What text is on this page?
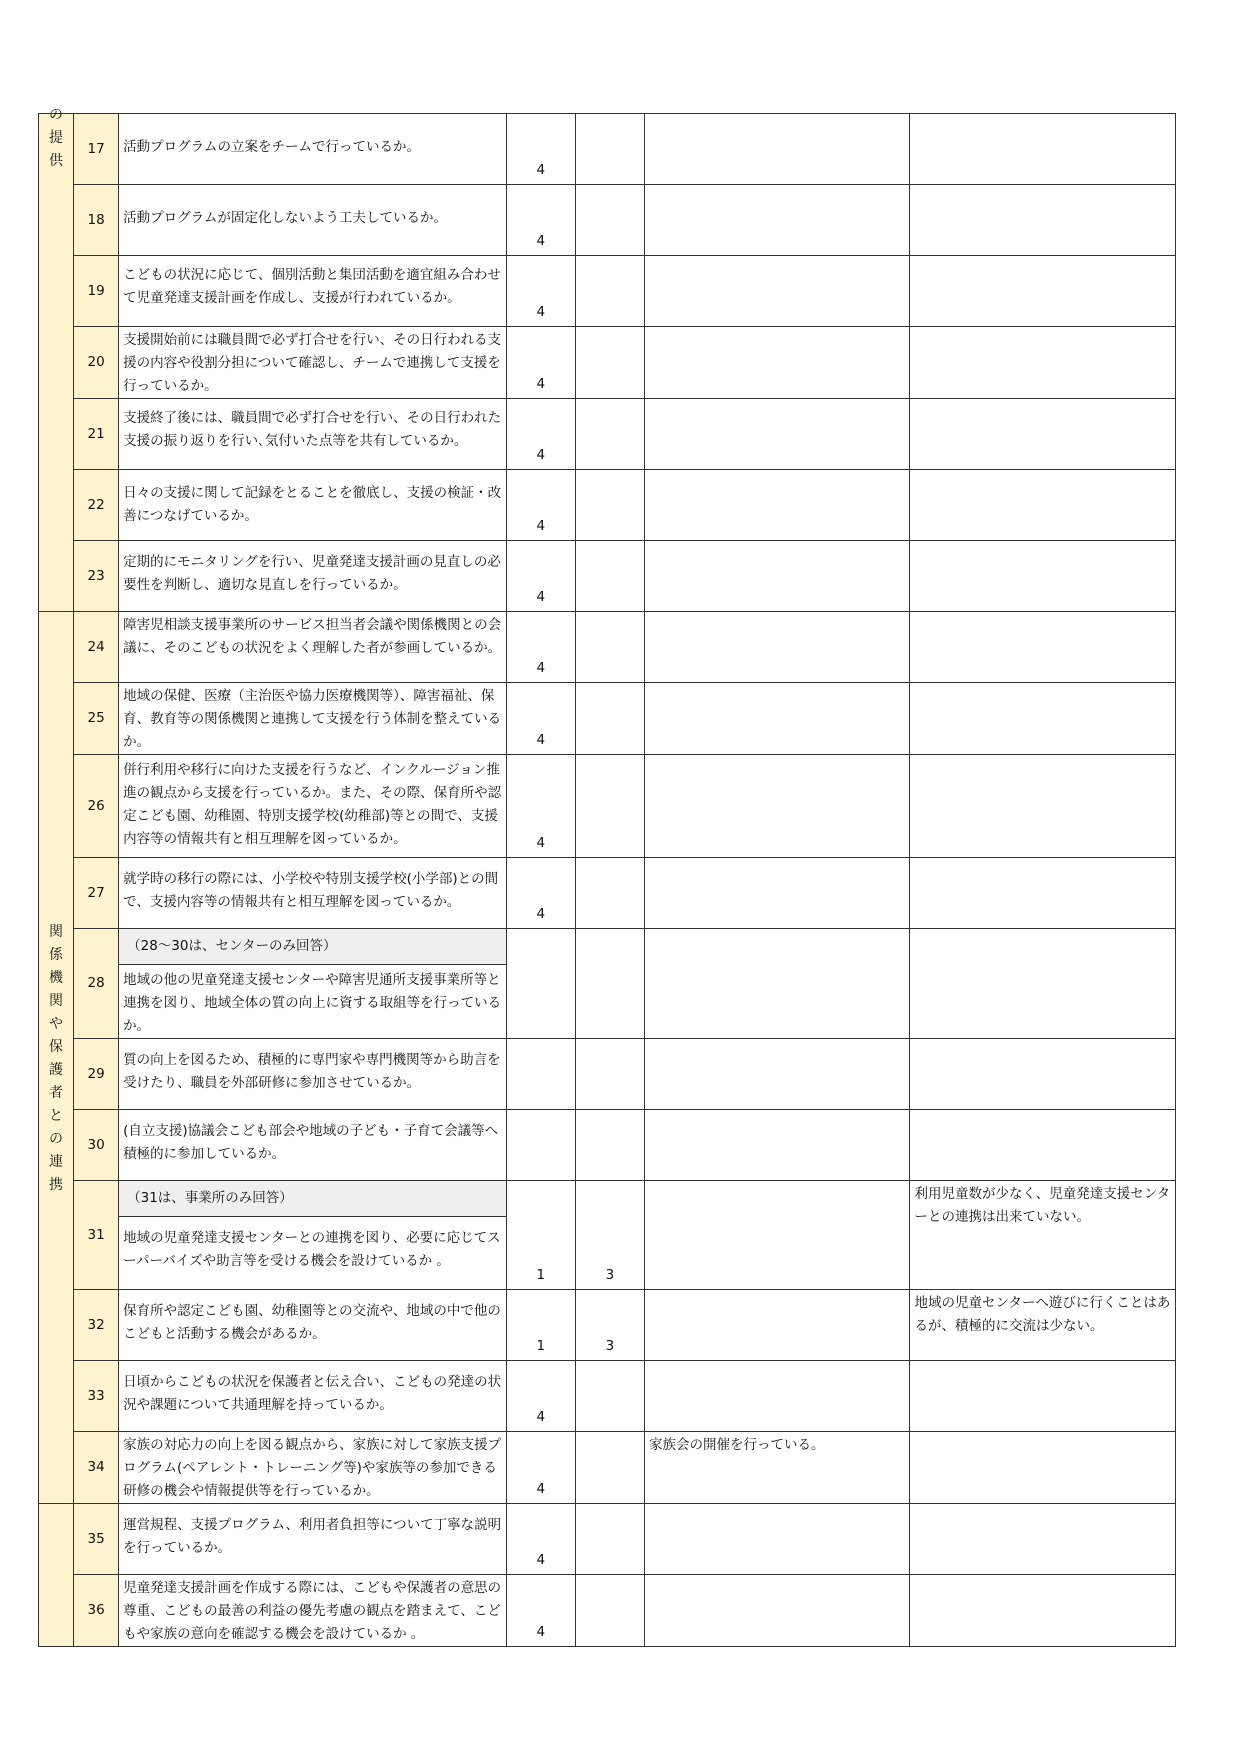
の提供	17	活動プログラムの立案をチームで行っているか。	4			

	18	活動プログラムが固定化しないよう工夫しているか。	4			

	19	こどもの状況に応じて、個別活動と集団活動を適宜組み合わせて児童発達支援計画を作成し、支援が行われているか。	4			

	20	支援開始前には職員間で必ず打合せを行い、その日行われる支援の内容や役割分担について確認し、チームで連携して支援を行っているか。	4			

	21	支援終了後には、職員間で必ず打合せを行い、その日行われた支援の振り返りを行い､気付いた点等を共有しているか。	4			

	22	日々の支援に関して記録をとることを徹底し、支援の検証・改善につなげているか。	4			

	23	定期的にモニタリングを行い、児童発達支援計画の見直しの必要性を判断し、適切な見直しを行っているか。	4			

関係機関や保護者との連携	24	障害児相談支援事業所のサービス担当者会議や関係機関との会議に、そのこどもの状況をよく理解した者が参画しているか。	4			

	25	地域の保健、医療（主治医や協力医療機関等）、障害福祉、保育、教育等の関係機関と連携して支援を行う体制を整えているか。	4			

	26	併行利用や移行に向けた支援を行うなど、インクルージョン推進の観点から支援を行っているか。また、その際、保育所や認定こども園、幼稚園、特別支援学校(幼稚部)等との間で、支援内容等の情報共有と相互理解を図っているか。	4			

	27	就学時の移行の際には、小学校や特別支援学校(小学部)との間で、支援内容等の情報共有と相互理解を図っているか。	4			

	28	（28～30は、センターのみ回答）
地域の他の児童発達支援センターや障害児通所支援事業所等と連携を図り、地域全体の質の向上に資する取組等を行っているか。				

	29	質の向上を図るため、積極的に専門家や専門機関等から助言を受けたり、職員を外部研修に参加させているか。				

	30	(自立支援)協議会こども部会や地域の子ども・子育て会議等へ積極的に参加しているか。				

	31	（31は、事業所のみ回答）
地域の児童発達支援センターとの連携を図り、必要に応じてスーパーバイズや助言等を受ける機会を設けているか 。	1	3		利用児童数が少なく、児童発達支援センターとの連携は出来ていない。

	32	保育所や認定こども園、幼稚園等との交流や、地域の中で他のこどもと活動する機会があるか。	1	3		地域の児童センターへ遊びに行くことはあるが、積極的に交流は少ない。

	33	日頃からこどもの状況を保護者と伝え合い、こどもの発達の状況や課題について共通理解を持っているか。	4			

	34	家族の対応力の向上を図る観点から、家族に対して家族支援プログラム(ペアレント・トレーニング等)や家族等の参加できる研修の機会や情報提供等を行っているか。	4		家族会の開催を行っている。	

	35	運営規程、支援プログラム、利用者負担等について丁寧な説明を行っているか。	4			

	36	児童発達支援計画を作成する際には、こどもや保護者の意思の尊重、こどもの最善の利益の優先考慮の観点を踏まえて、こどもや家族の意向を確認する機会を設けているか 。	4			
